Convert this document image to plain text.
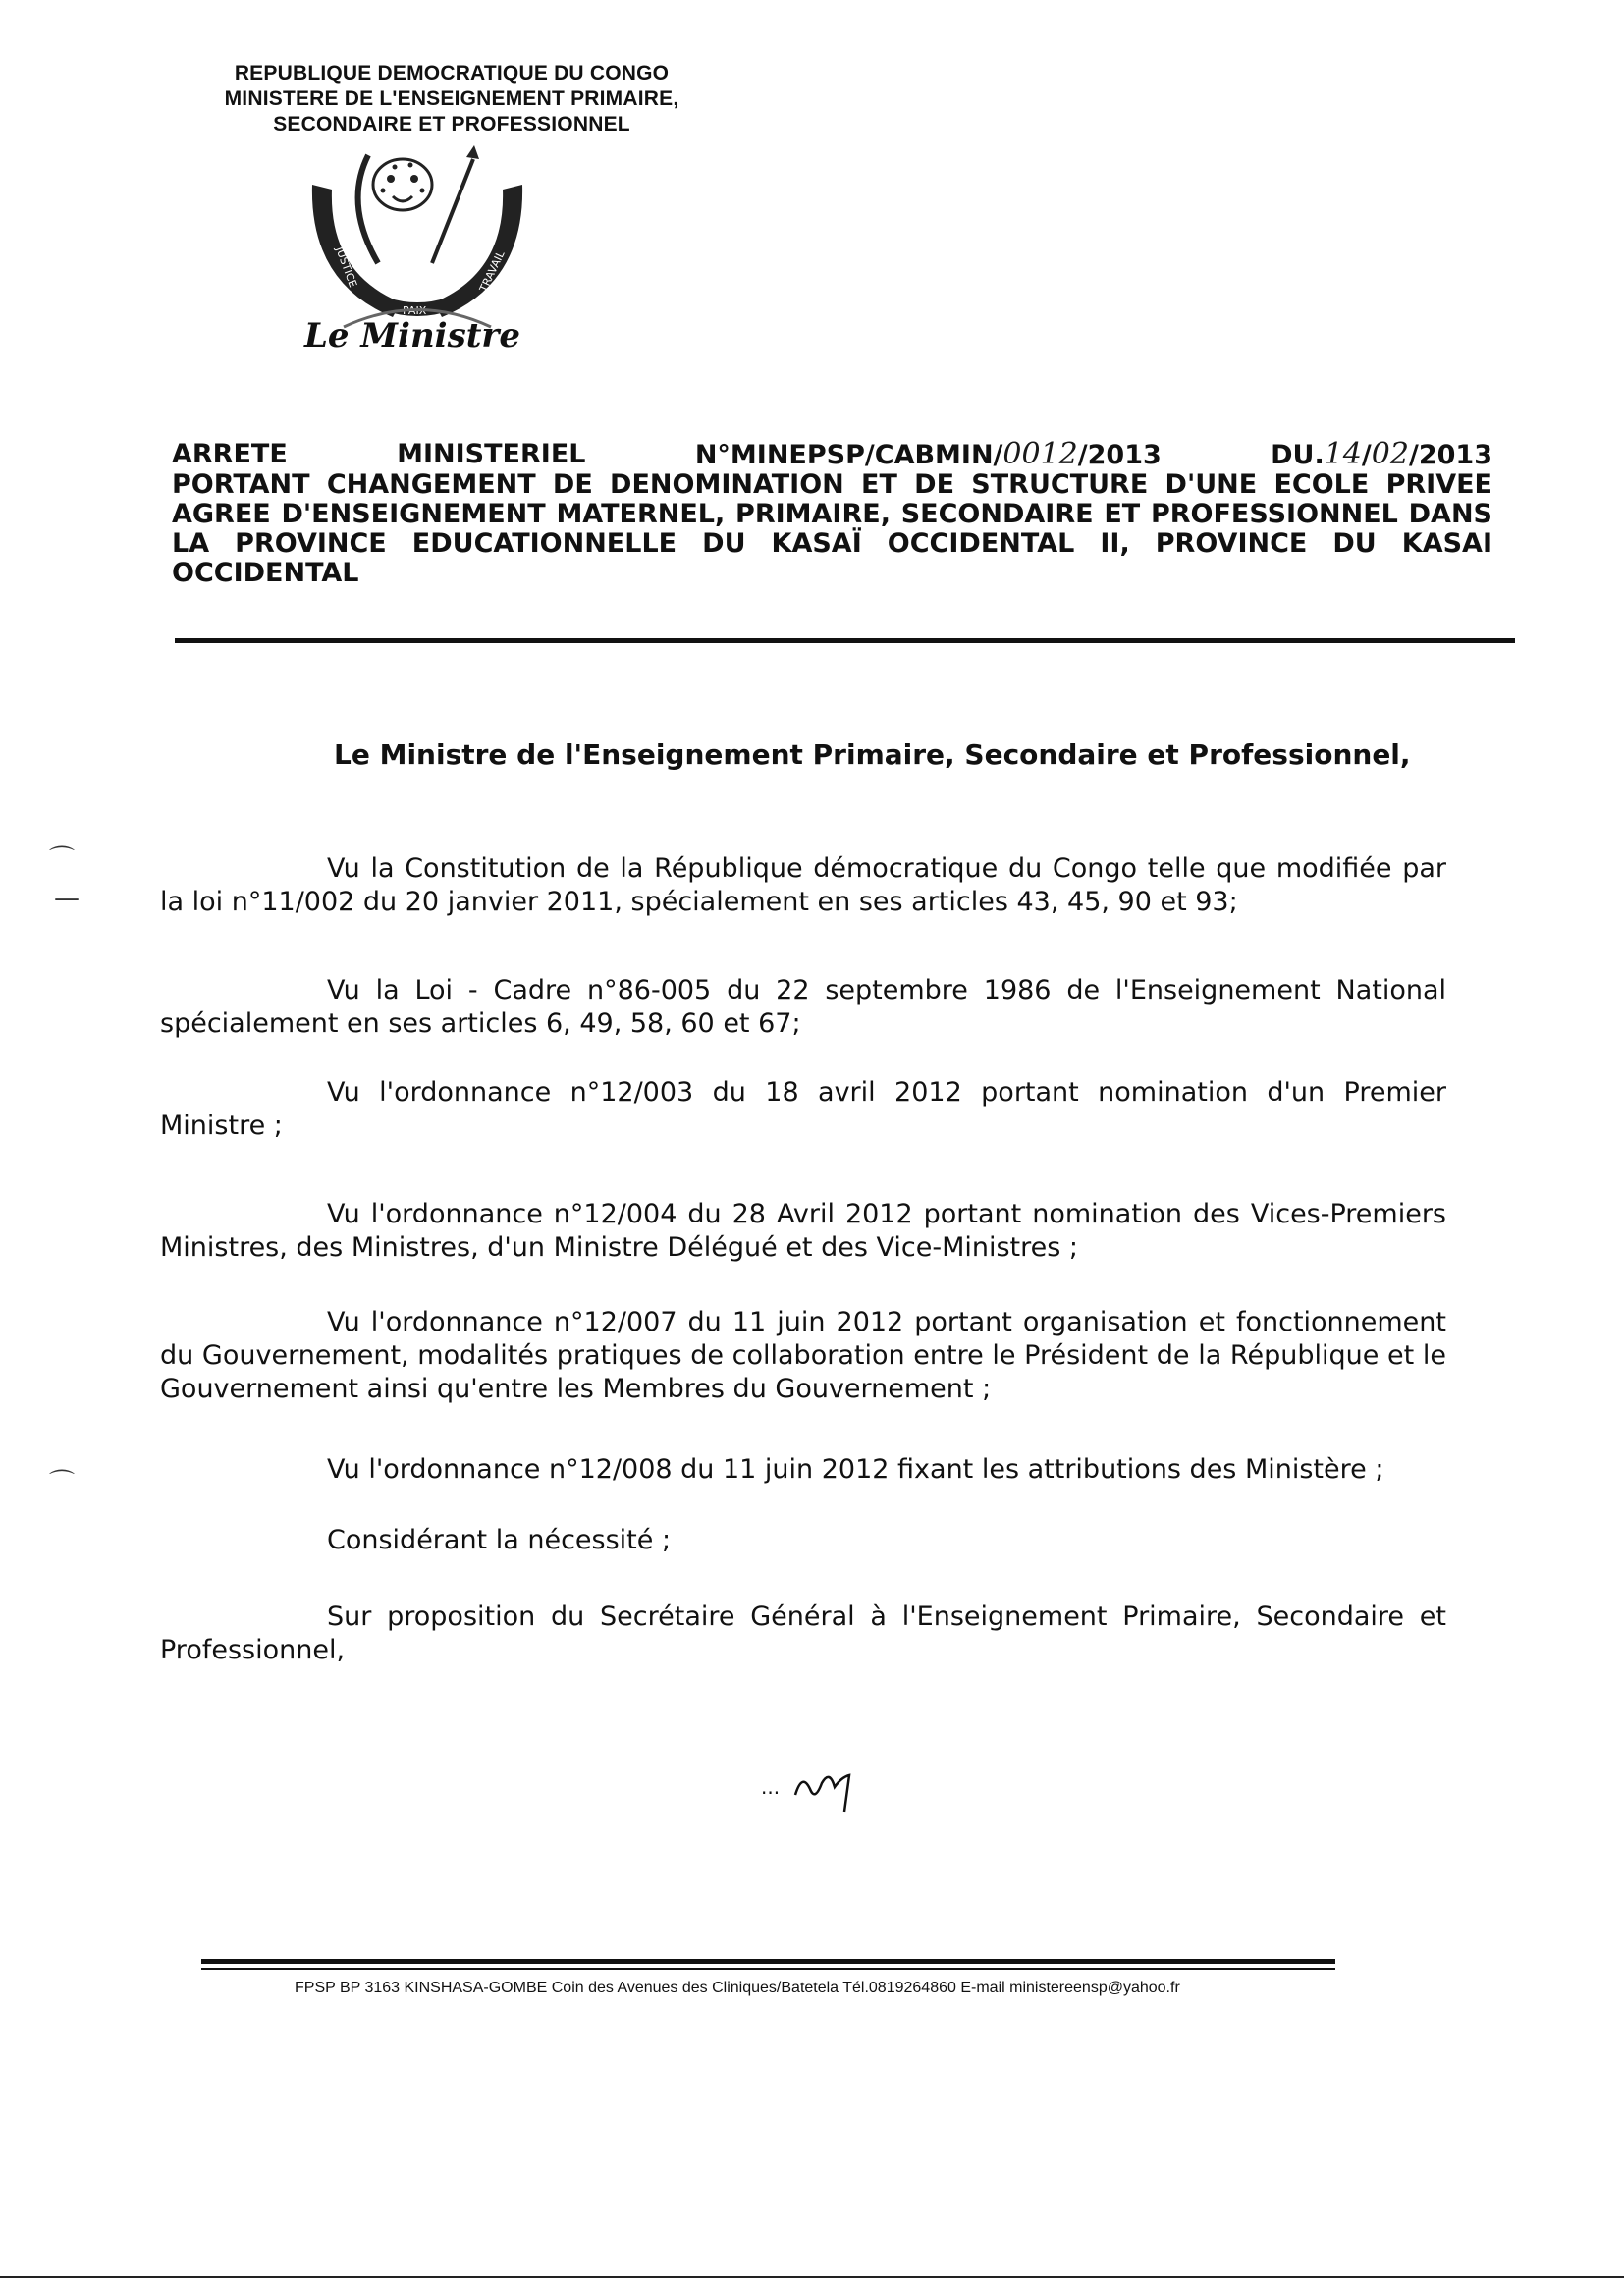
REPUBLIQUE DEMOCRATIQUE DU CONGO
MINISTERE DE L'ENSEIGNEMENT PRIMAIRE,
SECONDAIRE ET PROFESSIONNEL
JUSTICE
PAIX
TRAVAIL
Le Ministre
ARRETE	MINISTERIEL	N°MINEPSP/CABMIN/0012/2013	DU.14/02/2013
PORTANT CHANGEMENT DE DENOMINATION ET DE STRUCTURE D'UNE ECOLE PRIVEE AGREE D'ENSEIGNEMENT MATERNEL, PRIMAIRE, SECONDAIRE ET PROFESSIONNEL DANS LA PROVINCE EDUCATIONNELLE DU KASAÏ OCCIDENTAL II, PROVINCE DU KASAI OCCIDENTAL
Le Ministre de l'Enseignement Primaire, Secondaire et Professionnel,
Vu la Constitution de la République démocratique du Congo telle que modifiée par la loi n°11/002 du 20 janvier 2011, spécialement en ses articles 43, 45, 90 et 93;
Vu la Loi - Cadre n°86-005 du 22 septembre 1986 de l'Enseignement National spécialement en ses articles 6, 49, 58, 60 et 67;
Vu l'ordonnance n°12/003 du 18 avril 2012 portant nomination d'un Premier Ministre ;
Vu l'ordonnance n°12/004 du 28 Avril 2012 portant nomination des Vices-Premiers Ministres, des Ministres, d'un Ministre Délégué et des Vice-Ministres ;
Vu l'ordonnance n°12/007 du 11 juin 2012 portant organisation et fonctionnement du Gouvernement, modalités pratiques de collaboration entre le Président de la République et le Gouvernement ainsi qu'entre les Membres du Gouvernement ;
Vu l'ordonnance n°12/008 du 11 juin 2012 fixant les attributions des Ministère ;
Considérant la nécessité ;
Sur proposition du Secrétaire Général à l'Enseignement Primaire, Secondaire et Professionnel,
⌒
—
⌒
...
FPSP BP 3163 KINSHASA-GOMBE Coin des Avenues des Cliniques/Batetela Tél.0819264860 E-mail ministereensp@yahoo.fr
